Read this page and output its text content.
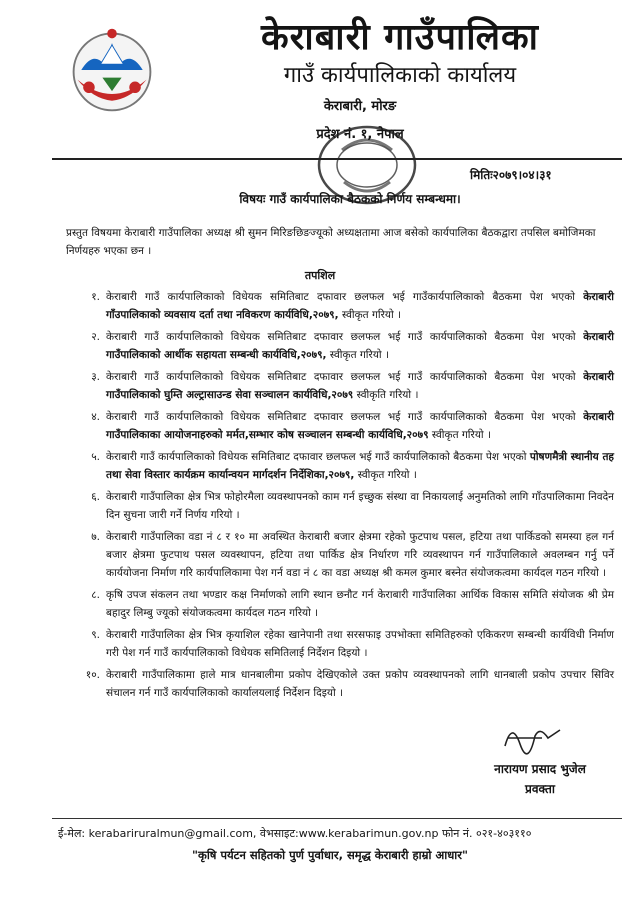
केराबारी गाउँपालिका
गाउँ कार्यपालिकाको कार्यालय
केराबारी, मोरङ
प्रदेश नं. १, नेपाल
मितिः२०७९।०४।३१
विषयः गाउँ कार्यपालिका बैठकको निर्णय सम्बन्धमा।
प्रस्तुत विषयमा केराबारी गाउँपालिका अध्यक्ष श्री सुमन मिरिङछिङज्यूको अध्यक्षतामा आज बसेको कार्यपालिका बैठकद्वारा तपसिल बमोजिमका निर्णयहरु भएका छन ।
तपशिल
१. केराबारी गाउँ कार्यपालिकाको विधेयक समितिबाट दफावार छलफल भई गाउँकार्यपालिकाको बैठकमा पेश भएको केराबारी गाँउपालिकाको व्यवसाय दर्ता तथा नविकरण कार्यविधि,२०७९, स्वीकृत गरियो ।
२. केराबारी गाउँ कार्यपालिकाको विधेयक समितिबाट दफावार छलफल भई गाउँ कार्यपालिकाको बैठकमा पेश भएको केराबारी गाउँपालिकाको आर्थीक सहायता सम्बन्धी कार्यविधि,२०७९, स्वीकृत गरियो ।
३. केराबारी गाउँ कार्यपालिकाको विधेयक समितिबाट दफावार छलफल भई गाउँ कार्यपालिकाको बैठकमा पेश भएको केराबारी गाउँपालिकाको घुम्ति अल्ट्रासाउन्ड सेवा सञ्चालन कार्यविधि,२०७९ स्वीकृति गरियो ।
४. केराबारी गाउँ कार्यपालिकाको विधेयक समितिबाट दफावार छलफल भई गाउँ कार्यपालिकाको बैठकमा पेश भएको केराबारी गाउँपालिकाका आयोजनाहरुको मर्मत,सम्भार कोष सञ्चालन सम्बन्धी कार्यविधि,२०७९ स्वीकृत गरियो ।
५. केराबारी गाउँ कार्यपालिकाको विधेयक समितिबाट दफावार छलफल भई गाउँ कार्यपालिकाको बैठकमा पेश भएको पोषणमैत्री स्थानीय तह तथा सेवा विस्तार कार्यक्रम कार्यान्वयन मार्गदर्शन निर्देशिका,२०७९, स्वीकृत गरियो ।
६. केराबारी गाउँपालिका क्षेत्र भित्र फोहोरमैला व्यवस्थापनको काम गर्न इच्छुक संस्था वा निकायलाई अनुमतिको लागि गाँउपालिकामा निवदेन दिन सुचना जारी गर्ने निर्णय गरियो ।
७. केराबारी गाउँपालिका वडा नं ८ र १० मा अवस्थित केराबारी बजार क्षेत्रमा रहेको फुटपाथ पसल, हटिया तथा पार्किडको समस्या हल गर्न बजार क्षेत्रमा फुटपाथ पसल व्यवस्थापन, हटिया तथा पार्किड क्षेत्र निर्धारण गरि व्यवस्थापन गर्न गाउँपालिकाले अवलम्बन गर्नु पर्ने कार्ययोजना निर्माण गरि कार्यपालिकामा पेश गर्न वडा नं ८ का वडा अध्यक्ष श्री कमल कुमार बस्नेत संयोजकत्वमा कार्यदल गठन गरियो ।
८. कृषि उपज संकलन तथा भण्डार कक्ष निर्माणको लागि स्थान छनौट गर्न केराबारी गाउँपालिका आर्थिक विकास समिति संयोजक श्री प्रेम बहादुर लिम्बु ज्यूको संयोजकत्वमा कार्यदल गठन गरियो ।
९. केराबारी गाउँपालिका क्षेत्र भित्र कृयाशिल रहेका खानेपानी तथा सरसफाइ उपभोक्ता समितिहरुको एकिकरण सम्बन्धी कार्यविधी निर्माण गरी पेश गर्न गाउँ कार्यपालिकाको विधेयक समितिलाई निर्देशन दिइयो ।
१०. केराबारी गाउँपालिकामा हाले मात्र धानबालीमा प्रकोप देखिएकोले उक्त प्रकोप व्यवस्थापनको लागि धानबाली प्रकोप उपचार सिविर संचालन गर्न गाउँ कार्यपालिकाको कार्यालयलाई निर्देशन दिइयो ।
नारायण प्रसाद भुजेल
प्रवक्ता
ई-मेल: kerabariruralmun@gmail.com, वेभसाइट:www.kerabarimun.gov.np फोन नं. ०२१-४०३११०
"कृषि पर्यटन सहितको पुर्ण पुर्वाधार, समृद्ध केराबारी हाम्रो आधार"
